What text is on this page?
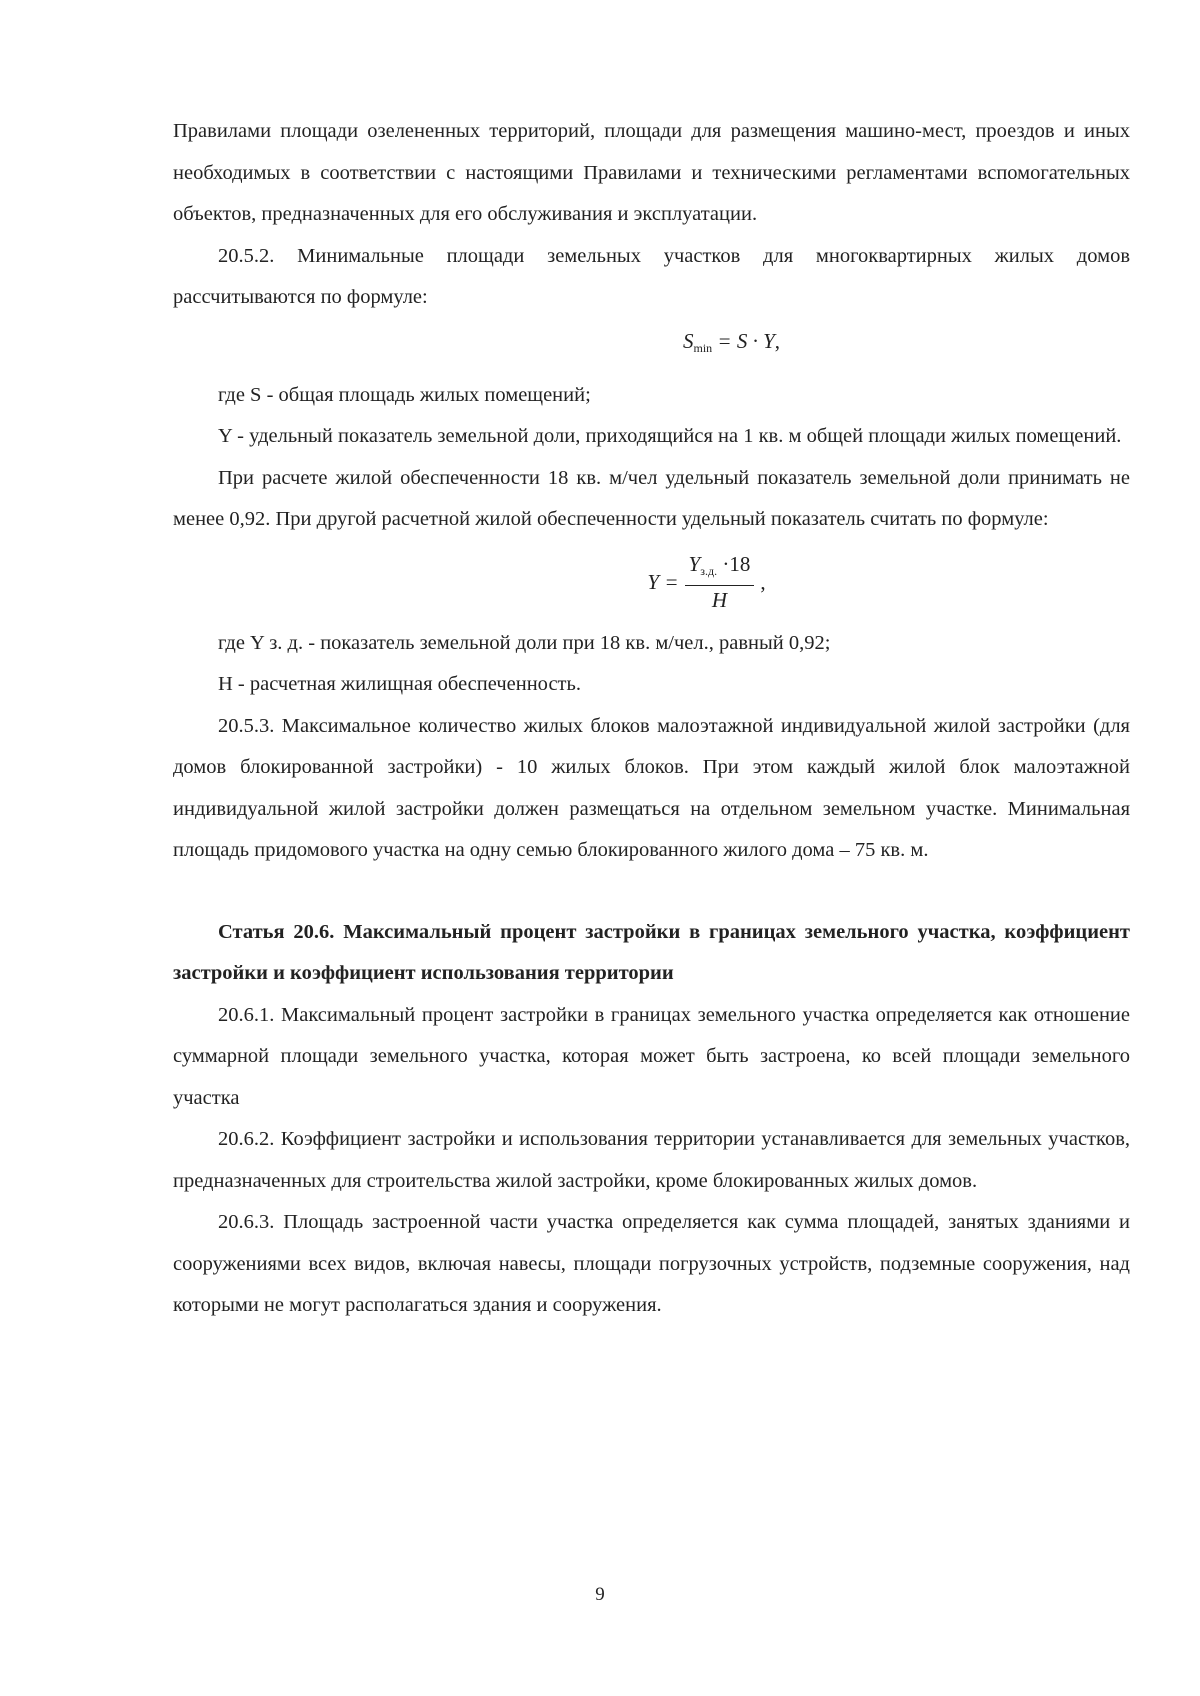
Правилами площади озелененных территорий, площади для размещения машино-мест, проездов и иных необходимых в соответствии с настоящими Правилами и техническими регламентами вспомогательных объектов, предназначенных для его обслуживания и эксплуатации.

20.5.2. Минимальные площади земельных участков для многоквартирных жилых домов рассчитываются по формуле:

$S_{min} = S \cdot Y$,

где S - общая площадь жилых помещений;

Y - удельный показатель земельной доли, приходящийся на 1 кв. м общей площади жилых помещений.

При расчете жилой обеспеченности 18 кв. м/чел удельный показатель земельной доли принимать не менее 0,92. При другой расчетной жилой обеспеченности удельный показатель считать по формуле:

$Y = \frac{Y_{з.д.} \cdot 18}{H}$ ,

где Y з. д. - показатель земельной доли при 18 кв. м/чел., равный 0,92;

H - расчетная жилищная обеспеченность.

20.5.3. Максимальное количество жилых блоков малоэтажной индивидуальной жилой застройки (для домов блокированной застройки) - 10 жилых блоков. При этом каждый жилой блок малоэтажной индивидуальной жилой застройки должен размещаться на отдельном земельном участке. Минимальная площадь придомового участка на одну семью блокированного жилого дома – 75 кв. м.

Статья 20.6. Максимальный процент застройки в границах земельного участка, коэффициент застройки и коэффициент использования территории

20.6.1. Максимальный процент застройки в границах земельного участка определяется как отношение суммарной площади земельного участка, которая может быть застроена, ко всей площади земельного участка

20.6.2. Коэффициент застройки и использования территории устанавливается для земельных участков, предназначенных для строительства жилой застройки, кроме блокированных жилых домов.

20.6.3. Площадь застроенной части участка определяется как сумма площадей, занятых зданиями и сооружениями всех видов, включая навесы, площади погрузочных устройств, подземные сооружения, над которыми не могут располагаться здания и сооружения.

9
